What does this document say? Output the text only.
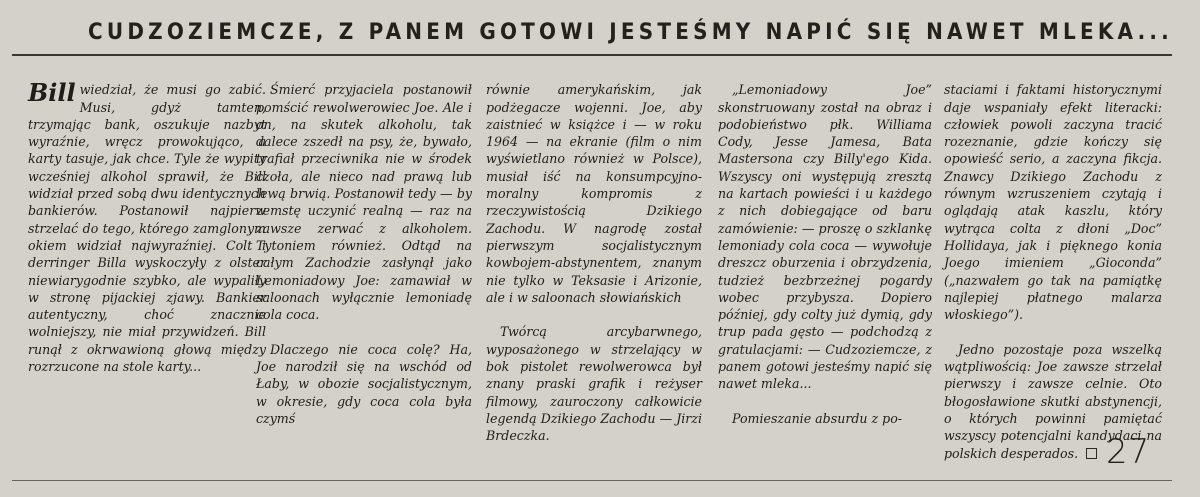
CUDZOZIEMCZE, Z PANEM GOTOWI JESTEŚMY NAPIĆ SIĘ NAWET MLEKA...

Bill wiedział, że musi go zabić. Musi, gdyż tamten, trzymając bank, oszukuje nazbyt wyraźnie, wręcz prowokująco, a karty tasuje, jak chce. Tyle że wypity wcześniej alkohol sprawił, że Bill widział przed sobą dwu identycznych bankierów. Postanowił najpierw strzelać do tego, którego zamglonym okiem widział najwyraźniej. Colt i derringer Billa wyskoczyły z olster niewiarygodnie szybko, ale wypaliły w stronę pijackiej zjawy. Bankier autentyczny, choć znacznie wolniejszy, nie miał przywidzeń. Bill runął z okrwawioną głową między rozrzucone na stole karty...

Śmierć przyjaciela postanowił pomścić rewolwerowiec Joe. Ale i on, na skutek alkoholu, tak dalece zszedł na psy, że, bywało, trafiał przeciwnika nie w środek czoła, ale nieco nad prawą lub lewą brwią. Postanowił tedy — by zemstę uczynić realną — raz na zawsze zerwać z alkoholem. Tytoniem również. Odtąd na całym Zachodzie zasłynął jako Lemoniadowy Joe: zamawiał w saloonach wyłącznie lemoniadę cola coca.

Dlaczego nie coca colę? Ha, Joe narodził się na wschód od Łaby, w obozie socjalistycznym, w okresie, gdy coca cola była czymś

równie amerykańskim, jak podżegacze wojenni. Joe, aby zaistnieć w książce i — w roku 1964 — na ekranie (film o nim wyświetlano również w Polsce), musiał iść na konsumpcyjno-moralny kompromis z rzeczywistością Dzikiego Zachodu. W nagrodę został pierwszym socjalistycznym kowbojem-abstynentem, znanym nie tylko w Teksasie i Arizonie, ale i w saloonach słowiańskich

Twórcą arcybarwnego, wyposażonego w strzelający w bok pistolet rewolwerowca był znany praski grafik i reżyser filmowy, zauroczony całkowicie legendą Dzikiego Zachodu — Jirzi Brdeczka.

„Lemoniadowy Joe” skonstruowany został na obraz i podobieństwo płk. Williama Cody, Jesse Jamesa, Bata Mastersona czy Billy'ego Kida. Wszyscy oni występują zresztą na kartach powieści i u każdego z nich dobiegające od baru zamówienie: — proszę o szklankę lemoniady cola coca — wywołuje dreszcz oburzenia i obrzydzenia, tudzież bezbrzeżnej pogardy wobec przybysza. Dopiero później, gdy colty już dymią, gdy trup pada gęsto — podchodzą z gratulacjami: — Cudzoziemcze, z panem gotowi jesteśmy napić się nawet mleka...

Pomieszanie absurdu z po-

staciami i faktami historycznymi daje wspaniały efekt literacki: człowiek powoli zaczyna tracić rozeznanie, gdzie kończy się opowieść serio, a zaczyna fikcja. Znawcy Dzikiego Zachodu z równym wzruszeniem czytają i oglądają atak kaszlu, który wytrąca colta z dłoni „Doc” Hollidaya, jak i pięknego konia Joego imieniem „Gioconda” („nazwałem go tak na pamiątkę najlepiej płatnego malarza włoskiego”).

Jedno pozostaje poza wszelką wątpliwością: Joe zawsze strzelał pierwszy i zawsze celnie. Oto błogosławione skutki abstynencji, o których powinni pamiętać wszyscy potencjalni kandydaci na polskich desperados. 27
